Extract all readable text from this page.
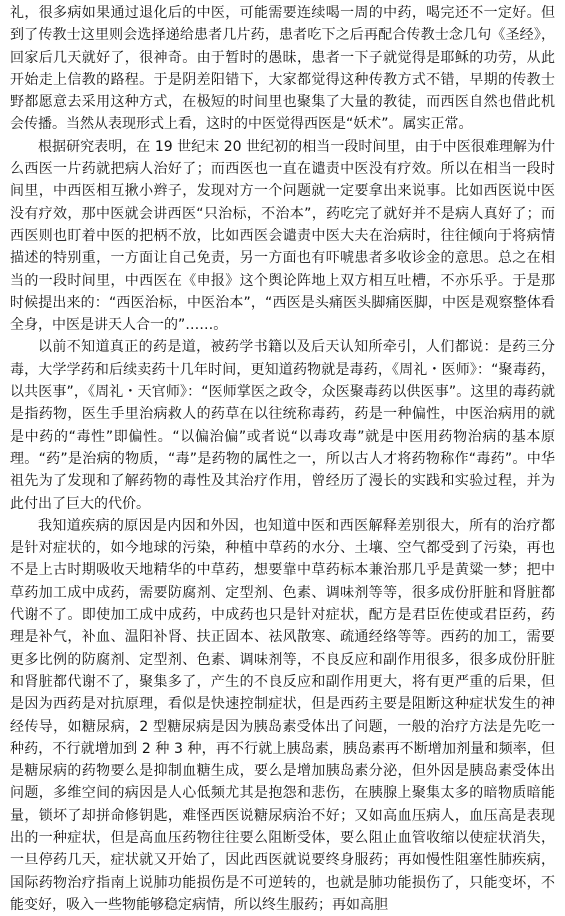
礼，很多病如果通过退化后的中医，可能需要连续喝一周的中药，喝完还不一定好。但到了传教士这里则会选择递给患者几片药，患者吃下之后再配合传教士念几句《圣经》，回家后几天就好了，很神奇。由于暂时的愚昧，患者一下子就觉得是耶稣的功劳，从此开始走上信教的路程。于是阴差阳错下，大家都觉得这种传教方式不错，早期的传教士野都愿意去采用这种方式，在极短的时间里也聚集了大量的教徒，而西医自然也借此机会传播。当然从表现形式上看，这时的中医觉得西医是“妖术”。属实正常。

根据研究表明，在 19 世纪末 20 世纪初的相当一段时间里，由于中医很难理解为什么西医一片药就把病人治好了；而西医也一直在谴责中医没有疗效。所以在相当一段时间里，中西医相互揪小辫子，发现对方一个问题就一定要拿出来说事。比如西医说中医没有疗效，那中医就会讲西医“只治标，不治本”，药吃完了就好并不是病人真好了；而西医则也盯着中医的把柄不放，比如西医会谴责中医大夫在治病时，往往倾向于将病情描述的特别重，一方面让自己免责，另一方面也有吓唬患者多收诊金的意思。总之在相当的一段时间里，中西医在《申报》这个舆论阵地上双方相互吐槽，不亦乐乎。于是那时候提出来的：“西医治标，中医治本”，“西医是头痛医头脚痛医脚，中医是观察整体看全身，中医是讲天人合一的”……。

以前不知道真正的药是道，被药学书籍以及后天认知所牵引，人们都说：是药三分毒，大学学药和后续卖药十几年时间，更知道药物就是毒药，《周礼・医师》：“聚毒药，以共医事”，《周礼・天官师》：“医师掌医之政令，众医聚毒药以供医事”。这里的毒药就是指药物，医生手里治病救人的药草在以往统称毒药，药是一种偏性，中医治病用的就是中药的“毒性”即偏性。“以偏治偏”或者说“以毒攻毒”就是中医用药物治病的基本原理。“药”是治病的物质，“毒”是药物的属性之一，所以古人才将药物称作“毒药”。中华祖先为了发现和了解药物的毒性及其治疗作用，曾经历了漫长的实践和实验过程，并为此付出了巨大的代价。

我知道疾病的原因是内因和外因，也知道中医和西医解释差别很大，所有的治疗都是针对症状的，如今地球的污染，种植中草药的水分、土壤、空气都受到了污染，再也不是上古时期吸收天地精华的中草药，想要靠中草药标本兼治那几乎是黄粱一梦；把中草药加工成中成药，需要防腐剂、定型剂、色素、调味剂等等，很多成份肝脏和肾脏都代谢不了。即使加工成中成药，中成药也只是针对症状，配方是君臣佐使或君臣药，药理是补气，补血、温阳补肾、扶正固本、祛风散寒、疏通经络等等。西药的加工，需要更多比例的防腐剂、定型剂、色素、调味剂等，不良反应和副作用很多，很多成份肝脏和肾脏都代谢不了，聚集多了，产生的不良反应和副作用更大，将有更严重的后果，但是因为西药是对抗原理，看似是快速控制症状，但是西药主要是阻断这种症状发生的神经传导，如糖尿病，2 型糖尿病是因为胰岛素受体出了问题，一般的治疗方法是先吃一种药，不行就增加到 2 种 3 种，再不行就上胰岛素，胰岛素再不断增加剂量和频率，但是糖尿病的药物要么是抑制血糖生成，要么是增加胰岛素分泌，但外因是胰岛素受体出问题，多维空间的病因是人心低频尤其是抱怨和悲伤，在胰腺上聚集太多的暗物质暗能量，锁坏了却拼命修钥匙，难怪西医说糖尿病治不好；又如高血压病人，血压高是表现出的一种症状，但是高血压药物往往要么阻断受体，要么阻止血管收缩以使症状消失，一旦停药几天，症状就又开始了，因此西医就说要终身服药；再如慢性阻塞性肺疾病，国际药物治疗指南上说肺功能损伤是不可逆转的，也就是肺功能损伤了，只能变坏，不能变好，吸入一些物能够稳定病情，所以终生服药；再如高胆
